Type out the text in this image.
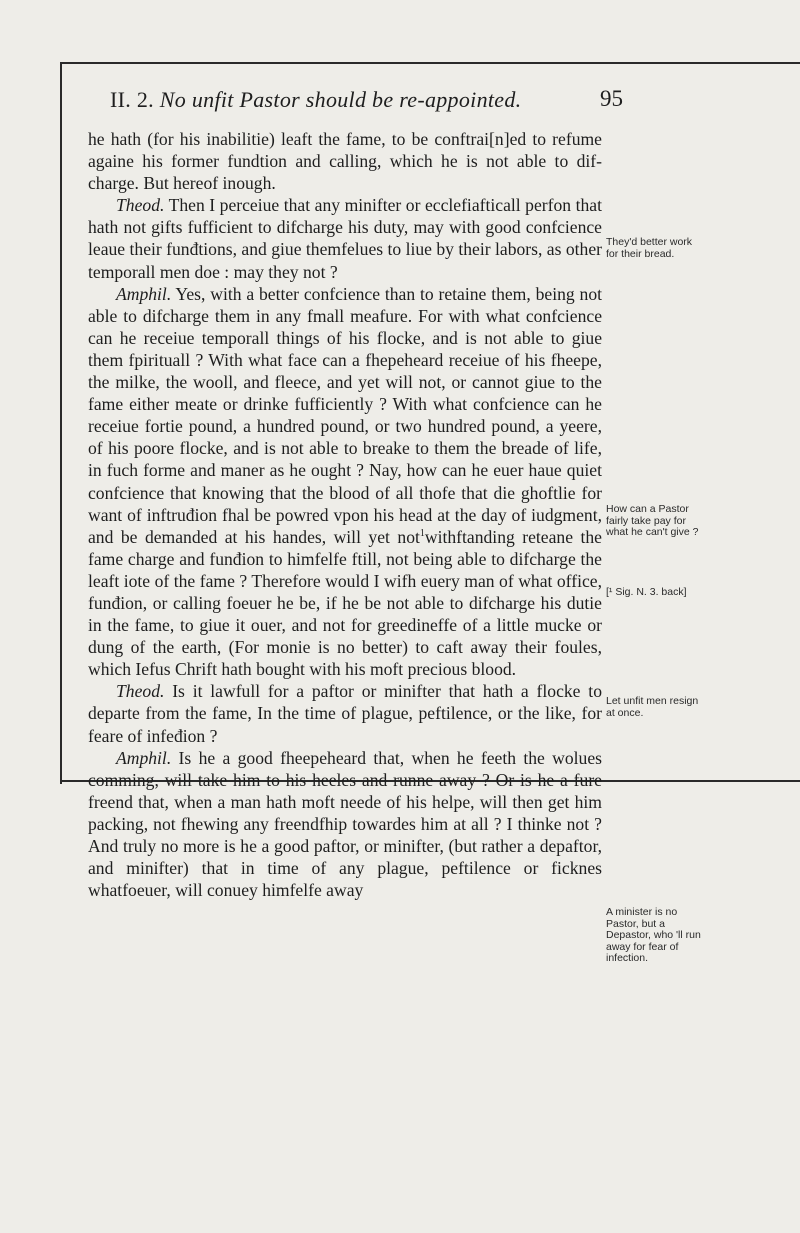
II. 2. No unfit Pastor should be re-appointed.	95

he hath (for his inabilitie) leaft the fame, to be conftrai[n]ed to refume againe his former fundtion and calling, which he is not able to dif- charge. But hereof inough.

Theod. Then I perceiue that any minifter or ecclefiafticall perfon that hath not gifts fufficient to difcharge his duty, may with good confcience leaue their funđtions, and giue themfelues to liue by their labors, as other temporall men doe : may they not ?

Amphil. Yes, with a better confcience than to retaine them, being not able to difcharge them in any fmall meafure. For with what confcience can he receiue temporall things of his flocke, and is not able to giue them fpirituall ? With what face can a fhepeheard receiue of his fheepe, the milke, the wooll, and fleece, and yet will not, or cannot giue to the fame either meate or drinke fufficiently ? With what confcience can he receiue fortie pound, a hundred pound, or two hundred pound, a yeere, of his poore flocke, and is not able to breake to them the breade of life, in fuch forme and maner as he ought ? Nay, how can he euer haue quiet confcience that knowing that the blood of all thofe that die ghoftlie for want of inftruđion fhal be powred vpon his head at the day of iudgment, and be demanded at his handes, will yet not$^1$withftanding reteane the fame charge and funđion to himfelfe ftill, not being able to difcharge the leaft iote of the fame ? Therefore would I wifh euery man of what office, funđion, or calling foeuer he be, if he be not able to difcharge his dutie in the fame, to giue it ouer, and not for greedineffe of a little mucke or dung of the earth, (For monie is no better) to caft away their foules, which Iefus Chrift hath bought with his moft precious blood.

Theod. Is it lawfull for a paftor or minifter that hath a flocke to departe from the fame, In the time of plague, peftilence, or the like, for feare of infeđion ?

Amphil. Is he a good fheepeheard that, when he feeth the wolues comming, will take him to his heeles and runne away ? Or is he a fure freend that, when a man hath moft neede of his helpe, will then get him packing, not fhewing any freendfhip towardes him at all ? I thinke not ? And truly no more is he a good paftor, or minifter, (but rather a depaftor, and minifter) that in time of any plague, peftilence or ficknes whatfoeuer, will conuey himfelfe away

They'd better work for their bread.
How can a Pastor fairly take pay for what he can't give ?
[¹ Sig. N. 3. back]
Let unfit men resign at once.
A minister is no Pastor, but a Depastor, who 'll run away for fear of infection.
